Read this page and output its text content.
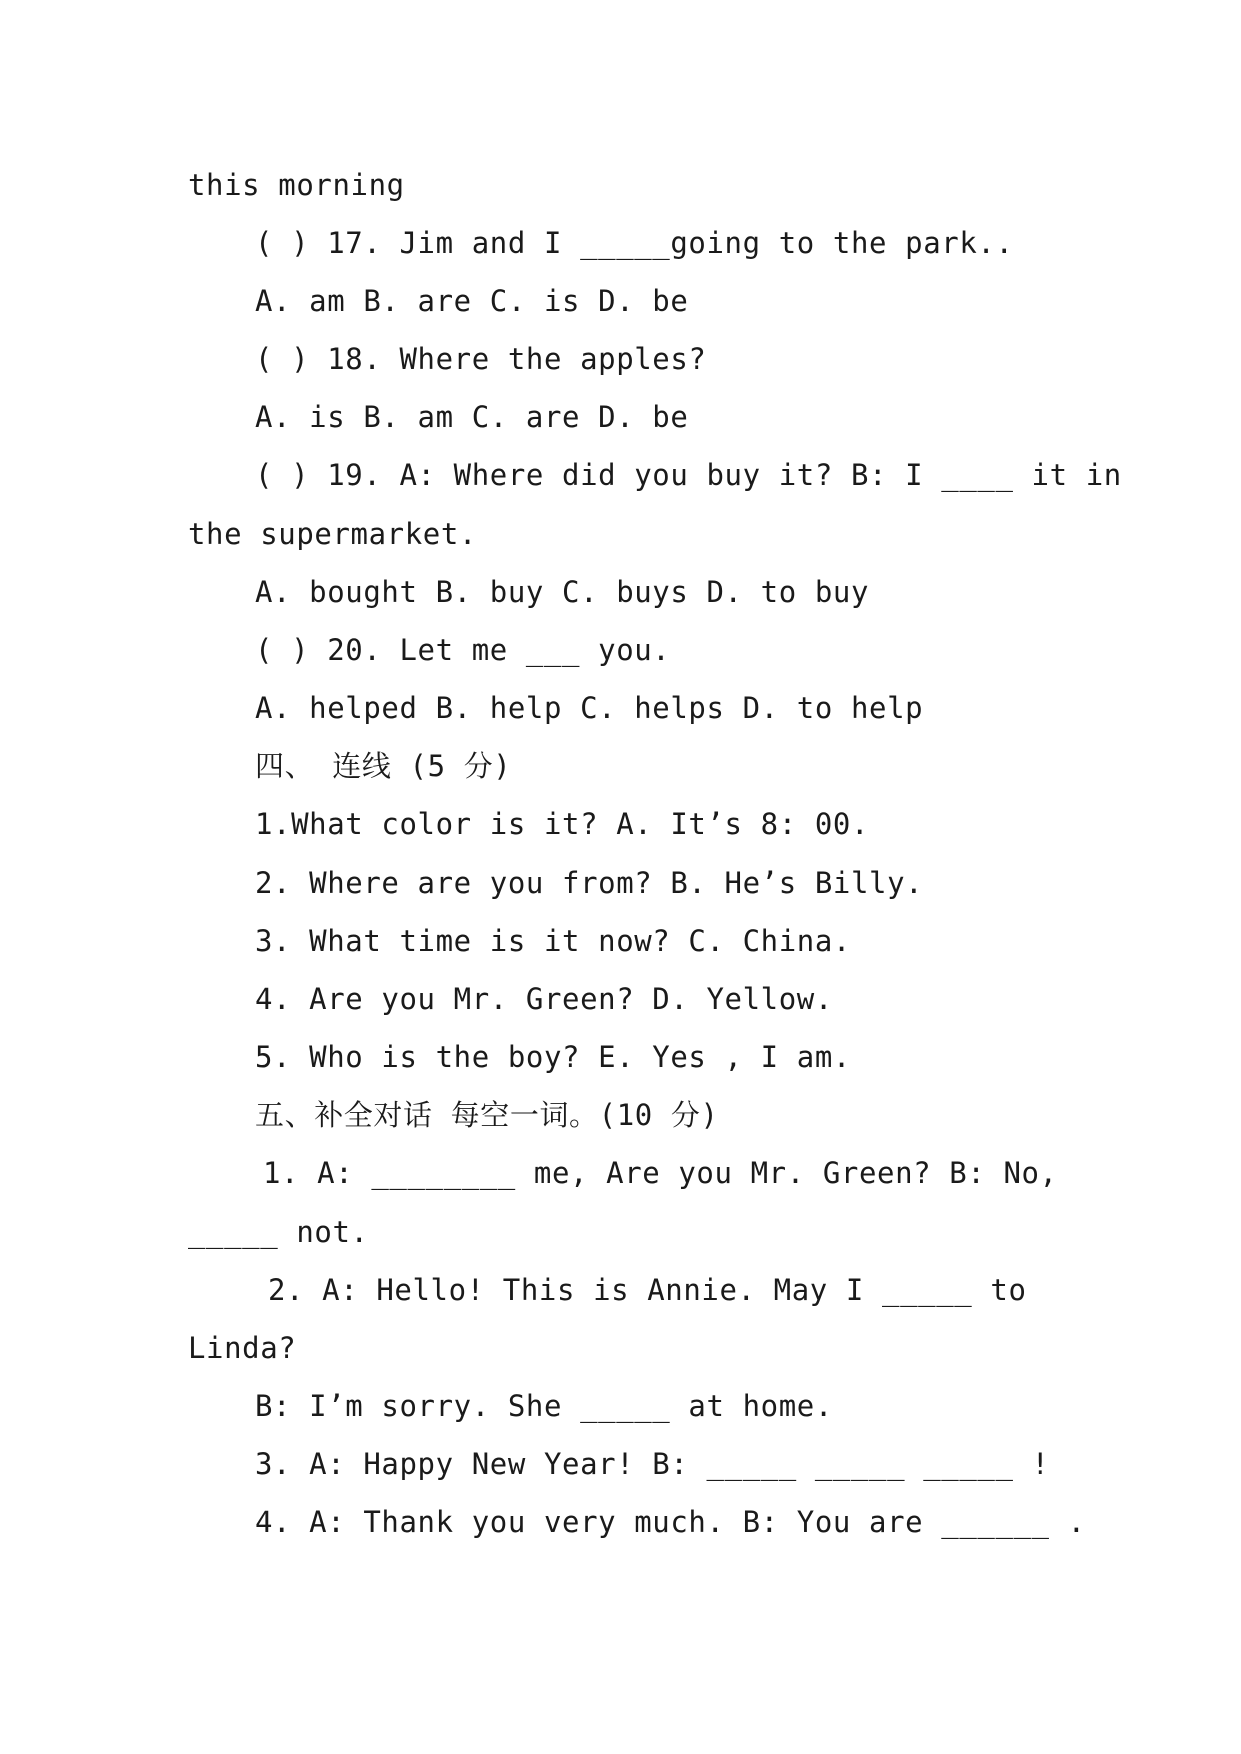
this morning
( ) 17. Jim and I _____going to the park..
A. am B. are C. is D. be
( ) 18. Where the apples?
A. is B. am C. are D. be
( ) 19. A: Where did you buy it? B: I ____ it in
the supermarket.
A. bought B. buy C. buys D. to buy
( ) 20. Let me ___ you.
A. helped B. help C. helps D. to help
四、 连线 (5 分)
1.What color is it? A. It’s 8: 00.
2. Where are you from? B. He’s Billy.
3. What time is it now? C. China.
4. Are you Mr. Green? D. Yellow.
5. Who is the boy? E. Yes , I am.
五、补全对话 每空一词。(10 分)
1. A: ________ me, Are you Mr. Green? B: No,
_____ not.
2. A: Hello! This is Annie. May I _____ to
Linda?
B: I’m sorry. She _____ at home.
3. A: Happy New Year! B: _____ _____ _____ !
4. A: Thank you very much. B: You are ______ .
